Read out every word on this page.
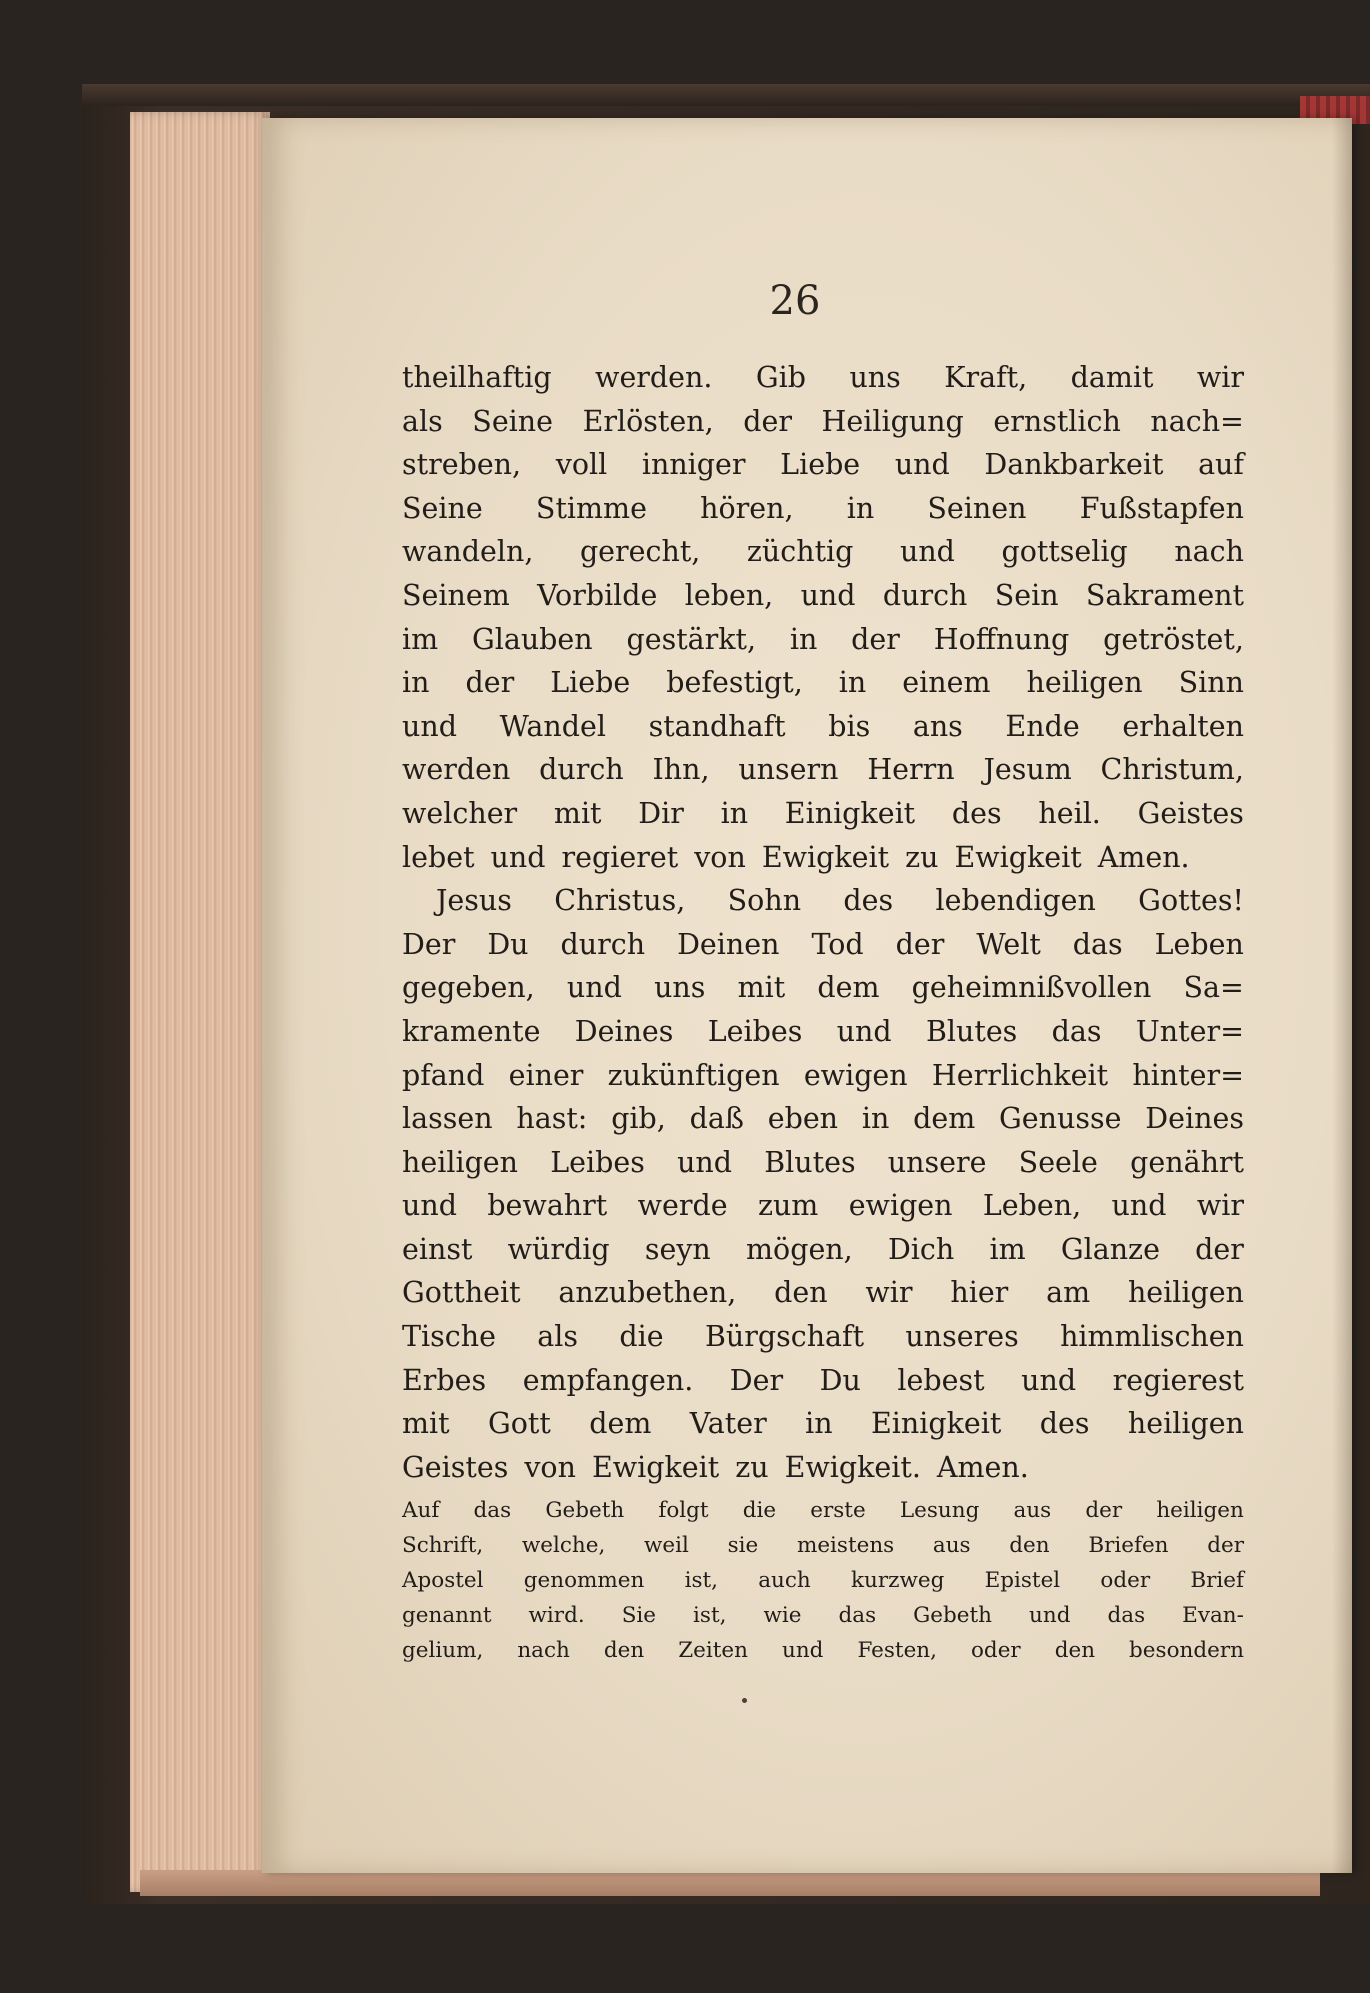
26
theilhaftig werden. Gib uns Kraft, damit wir
als Seine Erlösten, der Heiligung ernstlich nach=
streben, voll inniger Liebe und Dankbarkeit auf
Seine Stimme hören, in Seinen Fußstapfen
wandeln, gerecht, züchtig und gottselig nach
Seinem Vorbilde leben, und durch Sein Sakrament
im Glauben gestärkt, in der Hoffnung getröstet,
in der Liebe befestigt, in einem heiligen Sinn
und Wandel standhaft bis ans Ende erhalten
werden durch Ihn, unsern Herrn Jesum Christum,
welcher mit Dir in Einigkeit des heil. Geistes
lebet und regieret von Ewigkeit zu Ewigkeit Amen.
Jesus Christus, Sohn des lebendigen Gottes!
Der Du durch Deinen Tod der Welt das Leben
gegeben, und uns mit dem geheimnißvollen Sa=
kramente Deines Leibes und Blutes das Unter=
pfand einer zukünftigen ewigen Herrlichkeit hinter=
lassen hast: gib, daß eben in dem Genusse Deines
heiligen Leibes und Blutes unsere Seele genährt
und bewahrt werde zum ewigen Leben, und wir
einst würdig seyn mögen, Dich im Glanze der
Gottheit anzubethen, den wir hier am heiligen
Tische als die Bürgschaft unseres himmlischen
Erbes empfangen. Der Du lebest und regierest
mit Gott dem Vater in Einigkeit des heiligen
Geistes von Ewigkeit zu Ewigkeit. Amen.
Auf das Gebeth folgt die erste Lesung aus der heiligen
Schrift, welche, weil sie meistens aus den Briefen der
Apostel genommen ist, auch kurzweg Epistel oder Brief
genannt wird. Sie ist, wie das Gebeth und das Evan-
gelium, nach den Zeiten und Festen, oder den besondern
